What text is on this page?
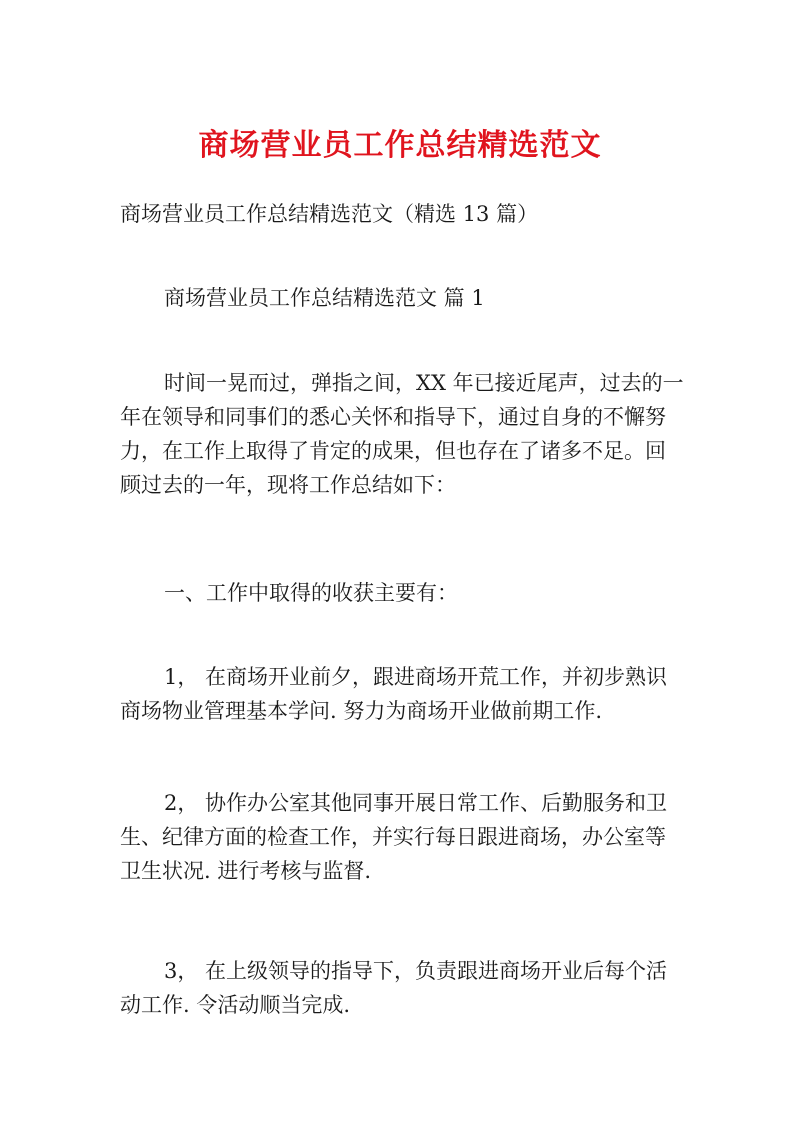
商场营业员工作总结精选范文

商场营业员工作总结精选范文（精选 13 篇）

商场营业员工作总结精选范文 篇 1

时间一晃而过，弹指之间，XX 年已接近尾声，过去的一
年在领导和同事们的悉心关怀和指导下，通过自身的不懈努
力，在工作上取得了肯定的成果，但也存在了诸多不足。回
顾过去的一年，现将工作总结如下：

一、工作中取得的收获主要有：

1， 在商场开业前夕，跟进商场开荒工作，并初步熟识
商场物业管理基本学问. 努力为商场开业做前期工作.

2， 协作办公室其他同事开展日常工作、后勤服务和卫
生、纪律方面的检查工作，并实行每日跟进商场，办公室等
卫生状况. 进行考核与监督.

3， 在上级领导的指导下，负责跟进商场开业后每个活
动工作. 令活动顺当完成.
